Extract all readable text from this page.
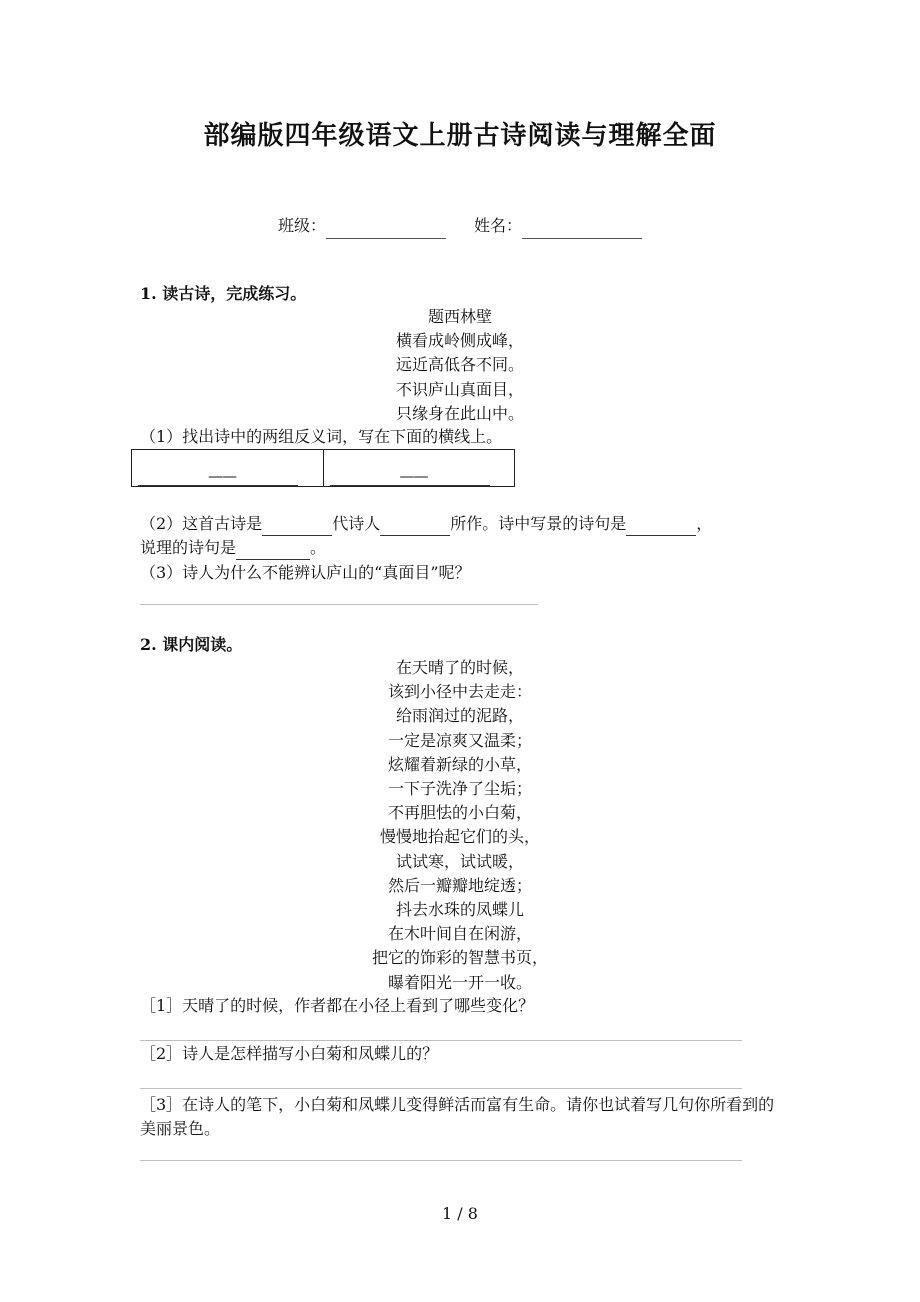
部编版四年级语文上册古诗阅读与理解全面
班级：	姓名：
1. 读古诗，完成练习。
题西林壁
横看成岭侧成峰，
远近高低各不同。
不识庐山真面目，
只缘身在此山中。
（1）找出诗中的两组反义词，写在下面的横线上。
——	——
（2）这首古诗是	代诗人	所作。诗中写景的诗句是	，
说理的诗句是	。
（3）诗人为什么不能辨认庐山的“真面目”呢？
2. 课内阅读。
在天晴了的时候，
该到小径中去走走：
给雨润过的泥路，
一定是凉爽又温柔；
炫耀着新绿的小草，
一下子洗净了尘垢；
不再胆怯的小白菊，
慢慢地抬起它们的头，
试试寒，试试暖，
然后一瓣瓣地绽透；
抖去水珠的凤蝶儿
在木叶间自在闲游，
把它的饰彩的智慧书页，
曝着阳光一开一收。
［1］天晴了的时候，作者都在小径上看到了哪些变化？
［2］诗人是怎样描写小白菊和凤蝶儿的？
［3］在诗人的笔下，小白菊和凤蝶儿变得鲜活而富有生命。请你也试着写几句你所看到的美丽景色。
1 / 8
